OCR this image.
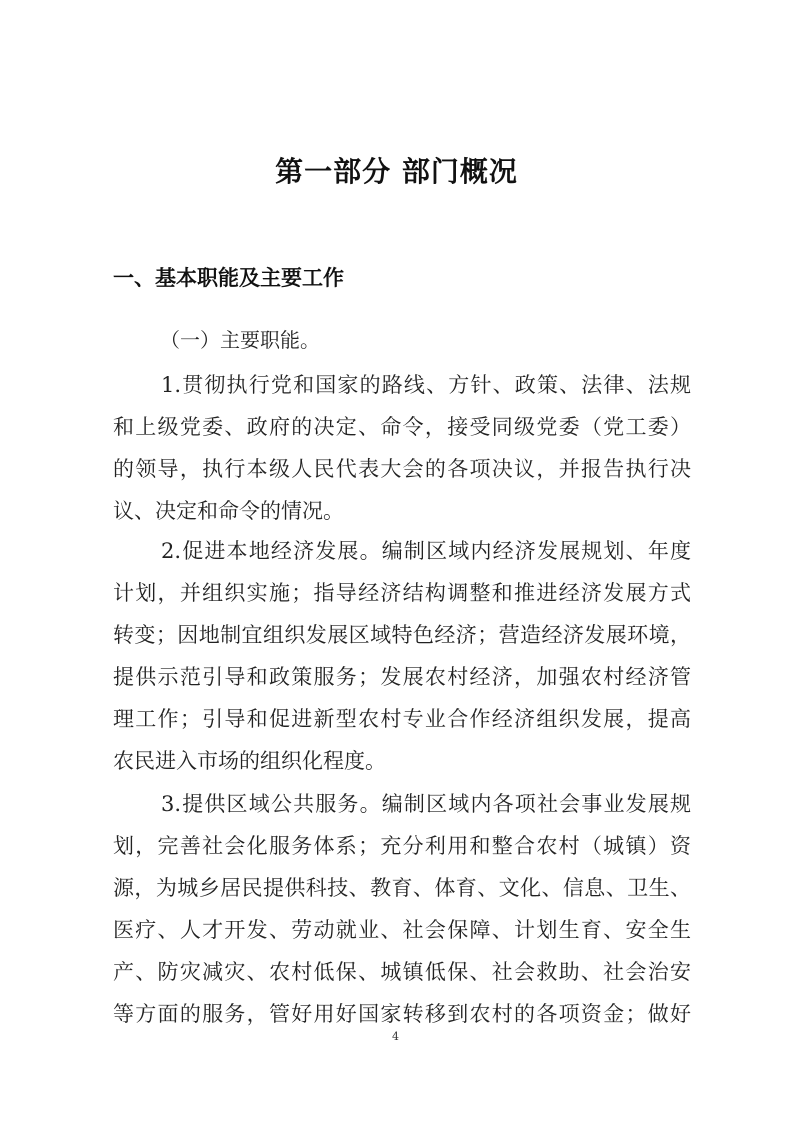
第一部分 部门概况
一、基本职能及主要工作
（一）主要职能。
1.贯彻执行党和国家的路线、方针、政策、法律、法规
和上级党委、政府的决定、命令，接受同级党委（党工委）
的领导，执行本级人民代表大会的各项决议，并报告执行决
议、决定和命令的情况。
2.促进本地经济发展。编制区域内经济发展规划、年度
计划，并组织实施；指导经济结构调整和推进经济发展方式
转变；因地制宜组织发展区域特色经济；营造经济发展环境，
提供示范引导和政策服务；发展农村经济，加强农村经济管
理工作；引导和促进新型农村专业合作经济组织发展，提高
农民进入市场的组织化程度。
3.提供区域公共服务。编制区域内各项社会事业发展规
划，完善社会化服务体系；充分利用和整合农村（城镇）资
源，为城乡居民提供科技、教育、体育、文化、信息、卫生、
医疗、人才开发、劳动就业、社会保障、计划生育、安全生
产、防灾减灾、农村低保、城镇低保、社会救助、社会治安
等方面的服务，管好用好国家转移到农村的各项资金；做好
4
